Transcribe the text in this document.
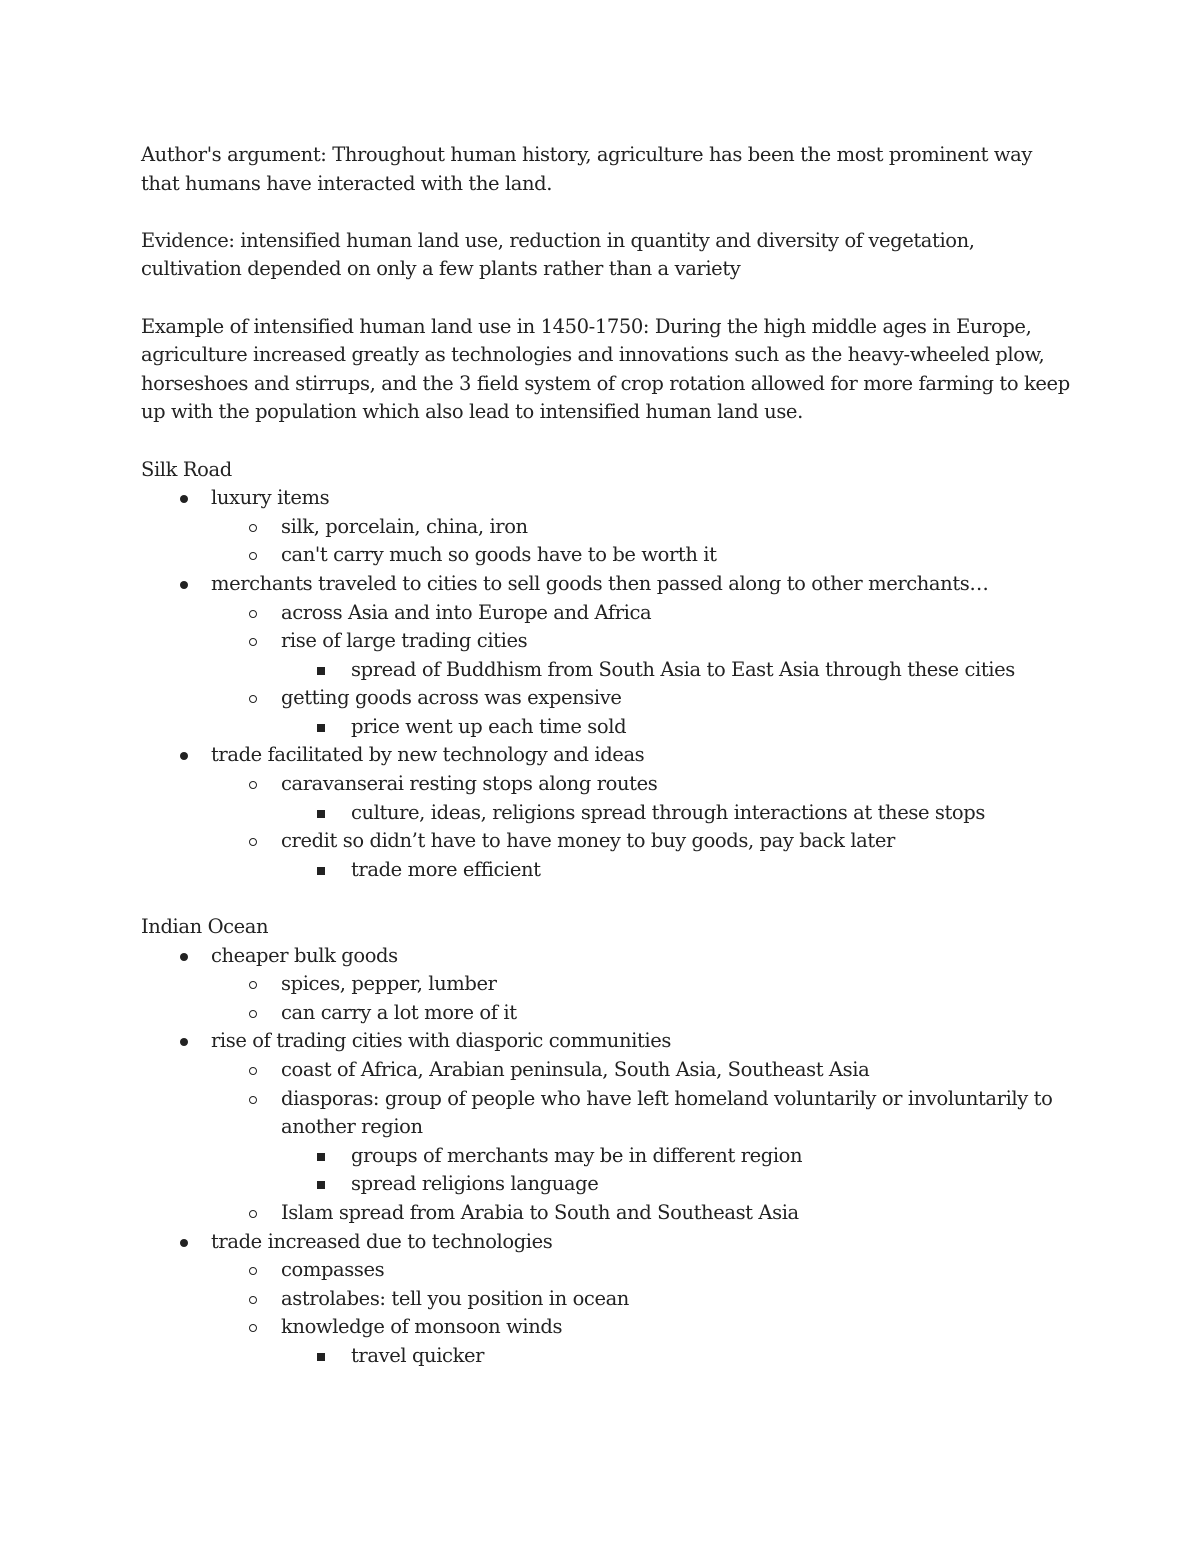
Author's argument: Throughout human history, agriculture has been the most prominent way that humans have interacted with the land.

Evidence: intensified human land use, reduction in quantity and diversity of vegetation, cultivation depended on only a few plants rather than a variety

Example of intensified human land use in 1450-1750: During the high middle ages in Europe, agriculture increased greatly as technologies and innovations such as the heavy-wheeled plow, horseshoes and stirrups, and the 3 field system of crop rotation allowed for more farming to keep up with the population which also lead to intensified human land use.

Silk Road

luxury items
silk, porcelain, china, iron
can't carry much so goods have to be worth it
merchants traveled to cities to sell goods then passed along to other merchants…
across Asia and into Europe and Africa
rise of large trading cities
spread of Buddhism from South Asia to East Asia through these cities
getting goods across was expensive
price went up each time sold
trade facilitated by new technology and ideas
caravanserai resting stops along routes
culture, ideas, religions spread through interactions at these stops
credit so didn’t have to have money to buy goods, pay back later
trade more efficient

Indian Ocean

cheaper bulk goods
spices, pepper, lumber
can carry a lot more of it
rise of trading cities with diasporic communities
coast of Africa, Arabian peninsula, South Asia, Southeast Asia
diasporas: group of people who have left homeland voluntarily or involuntarily to another region
groups of merchants may be in different region
spread religions language
Islam spread from Arabia to South and Southeast Asia
trade increased due to technologies
compasses
astrolabes: tell you position in ocean
knowledge of monsoon winds
travel quicker
